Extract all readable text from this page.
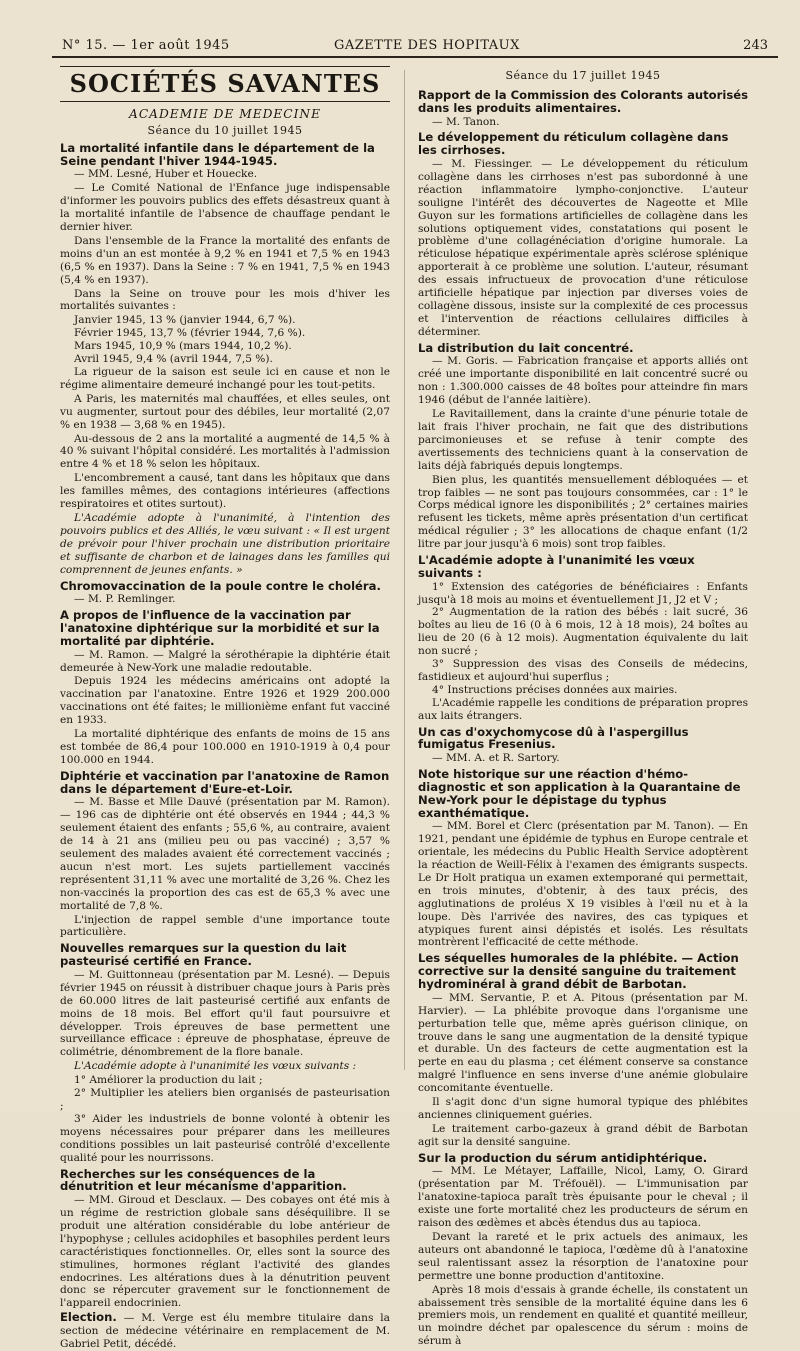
N° 15. — 1er août 1945	GAZETTE DES HOPITAUX	243
SOCIÉTÉS SAVANTES
ACADEMIE DE MEDECINE
Séance du 10 juillet 1945
La mortalité infantile dans le département de la Seine pendant l'hiver 1944-1945.

— MM. Lesné, Huber et Houecke.

— Le Comité National de l'Enfance juge indispensable d'informer les pouvoirs publics des effets désastreux quant à la mortalité infantile de l'absence de chauffage pendant le dernier hiver.

Dans l'ensemble de la France la mortalité des enfants de moins d'un an est montée à 9,2 % en 1941 et 7,5 % en 1943 (6,5 % en 1937). Dans la Seine : 7 % en 1941, 7,5 % en 1943 (5,4 % en 1937).

Dans la Seine on trouve pour les mois d'hiver les mortalités suivantes :

Janvier 1945, 13 % (janvier 1944, 6,7 %).

Février 1945, 13,7 % (février 1944, 7,6 %).

Mars 1945, 10,9 % (mars 1944, 10,2 %).

Avril 1945, 9,4 % (avril 1944, 7,5 %).

La rigueur de la saison est seule ici en cause et non le régime alimentaire demeuré inchangé pour les tout-petits.

A Paris, les maternités mal chauffées, et elles seules, ont vu augmenter, surtout pour des débiles, leur mortalité (2,07 % en 1938 — 3,68 % en 1945).

Au-dessous de 2 ans la mortalité a augmenté de 14,5 % à 40 % suivant l'hôpital considéré. Les mortalités à l'admission entre 4 % et 18 % selon les hôpitaux.

L'encombrement a causé, tant dans les hôpitaux que dans les familles mêmes, des contagions intérieures (affections respiratoires et otites surtout).

L'Académie adopte à l'unanimité, à l'intention des pouvoirs publics et des Alliés, le vœu suivant : « Il est urgent de prévoir pour l'hiver prochain une distribution prioritaire et suffisante de charbon et de lainages dans les familles qui comprennent de jeunes enfants. »

Chromovaccination de la poule contre le choléra.

— M. P. Remlinger.

A propos de l'influence de la vaccination par l'anatoxine diphtérique sur la morbidité et sur la mortalité par diphtérie.

— M. Ramon. — Malgré la sérothérapie la diphtérie était demeurée à New-York une maladie redoutable.

Depuis 1924 les médecins américains ont adopté la vaccination par l'anatoxine. Entre 1926 et 1929 200.000 vaccinations ont été faites; le millionième enfant fut vacciné en 1933.

La mortalité diphtérique des enfants de moins de 15 ans est tombée de 86,4 pour 100.000 en 1910-1919 à 0,4 pour 100.000 en 1944.

Diphtérie et vaccination par l'anatoxine de Ramon dans le département d'Eure-et-Loir.

— M. Basse et Mlle Dauvé (présentation par M. Ramon). — 196 cas de diphtérie ont été observés en 1944 ; 44,3 % seulement étaient des enfants ; 55,6 %, au contraire, avaient de 14 à 21 ans (milieu peu ou pas vacciné) ; 3,57 % seulement des malades avaient été correctement vaccinés ; aucun n'est mort. Les sujets partiellement vaccinés représentent 31,11 % avec une mortalité de 3,26 %. Chez les non-vaccinés la proportion des cas est de 65,3 % avec une mortalité de 7,8 %.

L'injection de rappel semble d'une importance toute particulière.

Nouvelles remarques sur la question du lait pasteurisé certifié en France.

— M. Guittonneau (présentation par M. Lesné). — Depuis février 1945 on réussit à distribuer chaque jours à Paris près de 60.000 litres de lait pasteurisé certifié aux enfants de moins de 18 mois. Bel effort qu'il faut poursuivre et développer. Trois épreuves de base permettent une surveillance efficace : épreuve de phosphatase, épreuve de colimétrie, dénombrement de la flore banale.

L'Académie adopte à l'unanimité les vœux suivants :

1° Améliorer la production du lait ;

2° Multiplier les ateliers bien organisés de pasteurisation ;

3° Aider les industriels de bonne volonté à obtenir les moyens nécessaires pour préparer dans les meilleures conditions possibles un lait pasteurisé contrôlé d'excellente qualité pour les nourrissons.

Recherches sur les conséquences de la dénutrition et leur mécanisme d'apparition.

— MM. Giroud et Desclaux. — Des cobayes ont été mis à un régime de restriction globale sans déséquilibre. Il se produit une altération considérable du lobe antérieur de l'hypophyse ; cellules acidophiles et basophiles perdent leurs caractéristiques fonctionnelles. Or, elles sont la source des stimulines, hormones réglant l'activité des glandes endocrines. Les altérations dues à la dénutrition peuvent donc se répercuter gravement sur le fonctionnement de l'appareil endocrinien.

Election. — M. Verge est élu membre titulaire dans la section de médecine vétérinaire en remplacement de M. Gabriel Petit, décédé.
Séance du 17 juillet 1945
Rapport de la Commission des Colorants autorisés dans les produits alimentaires.

— M. Tanon.

Le développement du réticulum collagène dans les cirrhoses.

— M. Fiessinger. — Le développement du réticulum collagène dans les cirrhoses n'est pas subordonné à une réaction inflammatoire lympho-conjonctive. L'auteur souligne l'intérêt des découvertes de Nageotte et Mlle Guyon sur les formations artificielles de collagène dans les solutions optiquement vides, constatations qui posent le problème d'une collagénéciation d'origine humorale. La réticulose hépatique expérimentale après sclérose splénique apporterait à ce problème une solution. L'auteur, résumant des essais infructueux de provocation d'une réticulose artificielle hépatique par injection par diverses voies de collagène dissous, insiste sur la complexité de ces processus et l'intervention de réactions cellulaires difficiles à déterminer.

La distribution du lait concentré.

— M. Goris. — Fabrication française et apports alliés ont créé une importante disponibilité en lait concentré sucré ou non : 1.300.000 caisses de 48 boîtes pour atteindre fin mars 1946 (début de l'année laitière).

Le Ravitaillement, dans la crainte d'une pénurie totale de lait frais l'hiver prochain, ne fait que des distributions parcimonieuses et se refuse à tenir compte des avertissements des techniciens quant à la conservation de laits déjà fabriqués depuis longtemps.

Bien plus, les quantités mensuellement débloquées — et trop faibles — ne sont pas toujours consommées, car : 1° le Corps médical ignore les disponibilités ; 2° certaines mairies refusent les tickets, même après présentation d'un certificat médical régulier ; 3° les allocations de chaque enfant (1/2 litre par jour jusqu'à 6 mois) sont trop faibles.

L'Académie adopte à l'unanimité les vœux suivants :

1° Extension des catégories de bénéficiaires : Enfants jusqu'à 18 mois au moins et éventuellement J1, J2 et V ;

2° Augmentation de la ration des bébés : lait sucré, 36 boîtes au lieu de 16 (0 à 6 mois, 12 à 18 mois), 24 boîtes au lieu de 20 (6 à 12 mois). Augmentation équivalente du lait non sucré ;

3° Suppression des visas des Conseils de médecins, fastidieux et aujourd'hui superflus ;

4° Instructions précises données aux mairies.

L'Académie rappelle les conditions de préparation propres aux laits étrangers.

Un cas d'oxychomycose dû à l'aspergillus fumigatus Fresenius.

— MM. A. et R. Sartory.

Note historique sur une réaction d'hémo-diagnostic et son application à la Quarantaine de New-York pour le dépistage du typhus exanthématique.

— MM. Borel et Clerc (présentation par M. Tanon). — En 1921, pendant une épidémie de typhus en Europe centrale et orientale, les médecins du Public Health Service adoptèrent la réaction de Weill-Félix à l'examen des émigrants suspects. Le Dr Holt pratiqua un examen extemporané qui permettait, en trois minutes, d'obtenir, à des taux précis, des agglutinations de proléus X 19 visibles à l'œil nu et à la loupe. Dès l'arrivée des navires, des cas typiques et atypiques furent ainsi dépistés et isolés. Les résultats montrèrent l'efficacité de cette méthode.

Les séquelles humorales de la phlébite. — Action corrective sur la densité sanguine du traitement hydrominéral à grand débit de Barbotan.

— MM. Servantie, P. et A. Pitous (présentation par M. Harvier). — La phlébite provoque dans l'organisme une perturbation telle que, même après guérison clinique, on trouve dans le sang une augmentation de la densité typique et durable. Un des facteurs de cette augmentation est la perte en eau du plasma ; cet élément conserve sa constance malgré l'influence en sens inverse d'une anémie globulaire concomitante éventuelle.

Il s'agit donc d'un signe humoral typique des phlébites anciennes cliniquement guéries.

Le traitement carbo-gazeux à grand débit de Barbotan agit sur la densité sanguine.

Sur la production du sérum antidiphtérique.

— MM. Le Métayer, Laffaille, Nicol, Lamy, O. Girard (présentation par M. Tréfouël). — L'immunisation par l'anatoxine-tapioca paraît très épuisante pour le cheval ; il existe une forte mortalité chez les producteurs de sérum en raison des œdèmes et abcès étendus dus au tapioca.

Devant la rareté et le prix actuels des animaux, les auteurs ont abandonné le tapioca, l'œdème dû à l'anatoxine seul ralentissant assez la résorption de l'anatoxine pour permettre une bonne production d'antitoxine.

Après 18 mois d'essais à grande échelle, ils constatent un abaissement très sensible de la mortalité équine dans les 6 premiers mois, un rendement en qualité et quantité meilleur, un moindre déchet par opalescence du sérum : moins de sérum à
